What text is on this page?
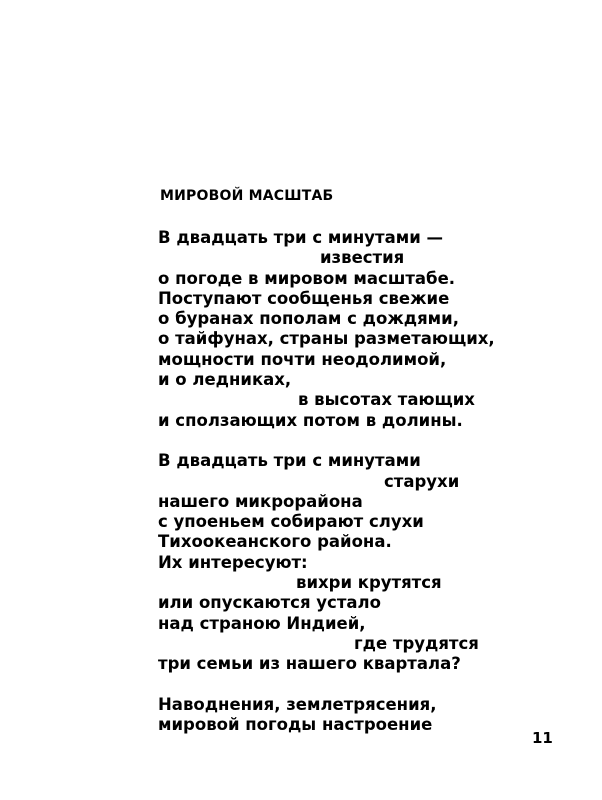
МИРОВОЙ МАСШТАБ
В двадцать три с минутами —
известия
о погоде в мировом масштабе.
Поступают сообщенья свежие
о буранах пополам с дождями,
о тайфунах, страны разметающих,
мощности почти неодолимой,
и о ледниках,
в высотах тающих
и сползающих потом в долины.
В двадцать три с минутами
старухи
нашего микрорайона
с упоеньем собирают слухи
Тихоокеанского района.
Их интересуют:
вихри крутятся
или опускаются устало
над страною Индией,
где трудятся
три семьи из нашего квартала?
Наводнения, землетрясения,
мировой погоды настроение
11
